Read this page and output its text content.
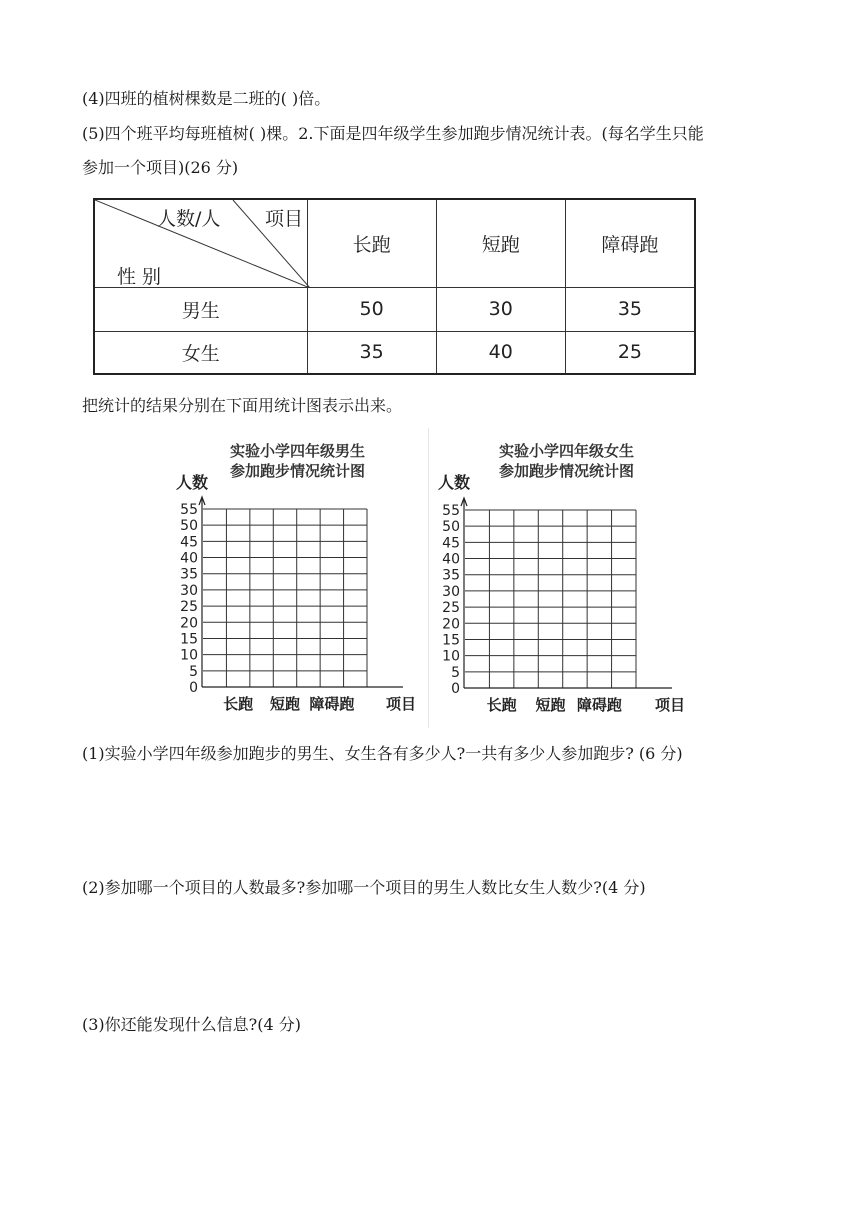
(4)四班的植树棵数是二班的( )倍。
(5)四个班平均每班植树( )棵。2.下面是四年级学生参加跑步情况统计表。(每名学生只能
参加一个项目)(26 分)
人数/人 项目
性 别	长跑	短跑	障碍跑
男生	50	30	35
女生	35	40	25
把统计的结果分别在下面用统计图表示出来。
实验小学四年级男生
参加跑步情况统计图
0
5
10
15
20
25
30
35
40
45
50
55
人数
长跑 短跑 障碍跑 项目
实验小学四年级女生
参加跑步情况统计图
0
5
10
15
20
25
30
35
40
45
50
55
人数
长跑 短跑 障碍跑 项目
(1)实验小学四年级参加跑步的男生、女生各有多少人?一共有多少人参加跑步? (6 分)
(2)参加哪一个项目的人数最多?参加哪一个项目的男生人数比女生人数少?(4 分)
(3)你还能发现什么信息?(4 分)
